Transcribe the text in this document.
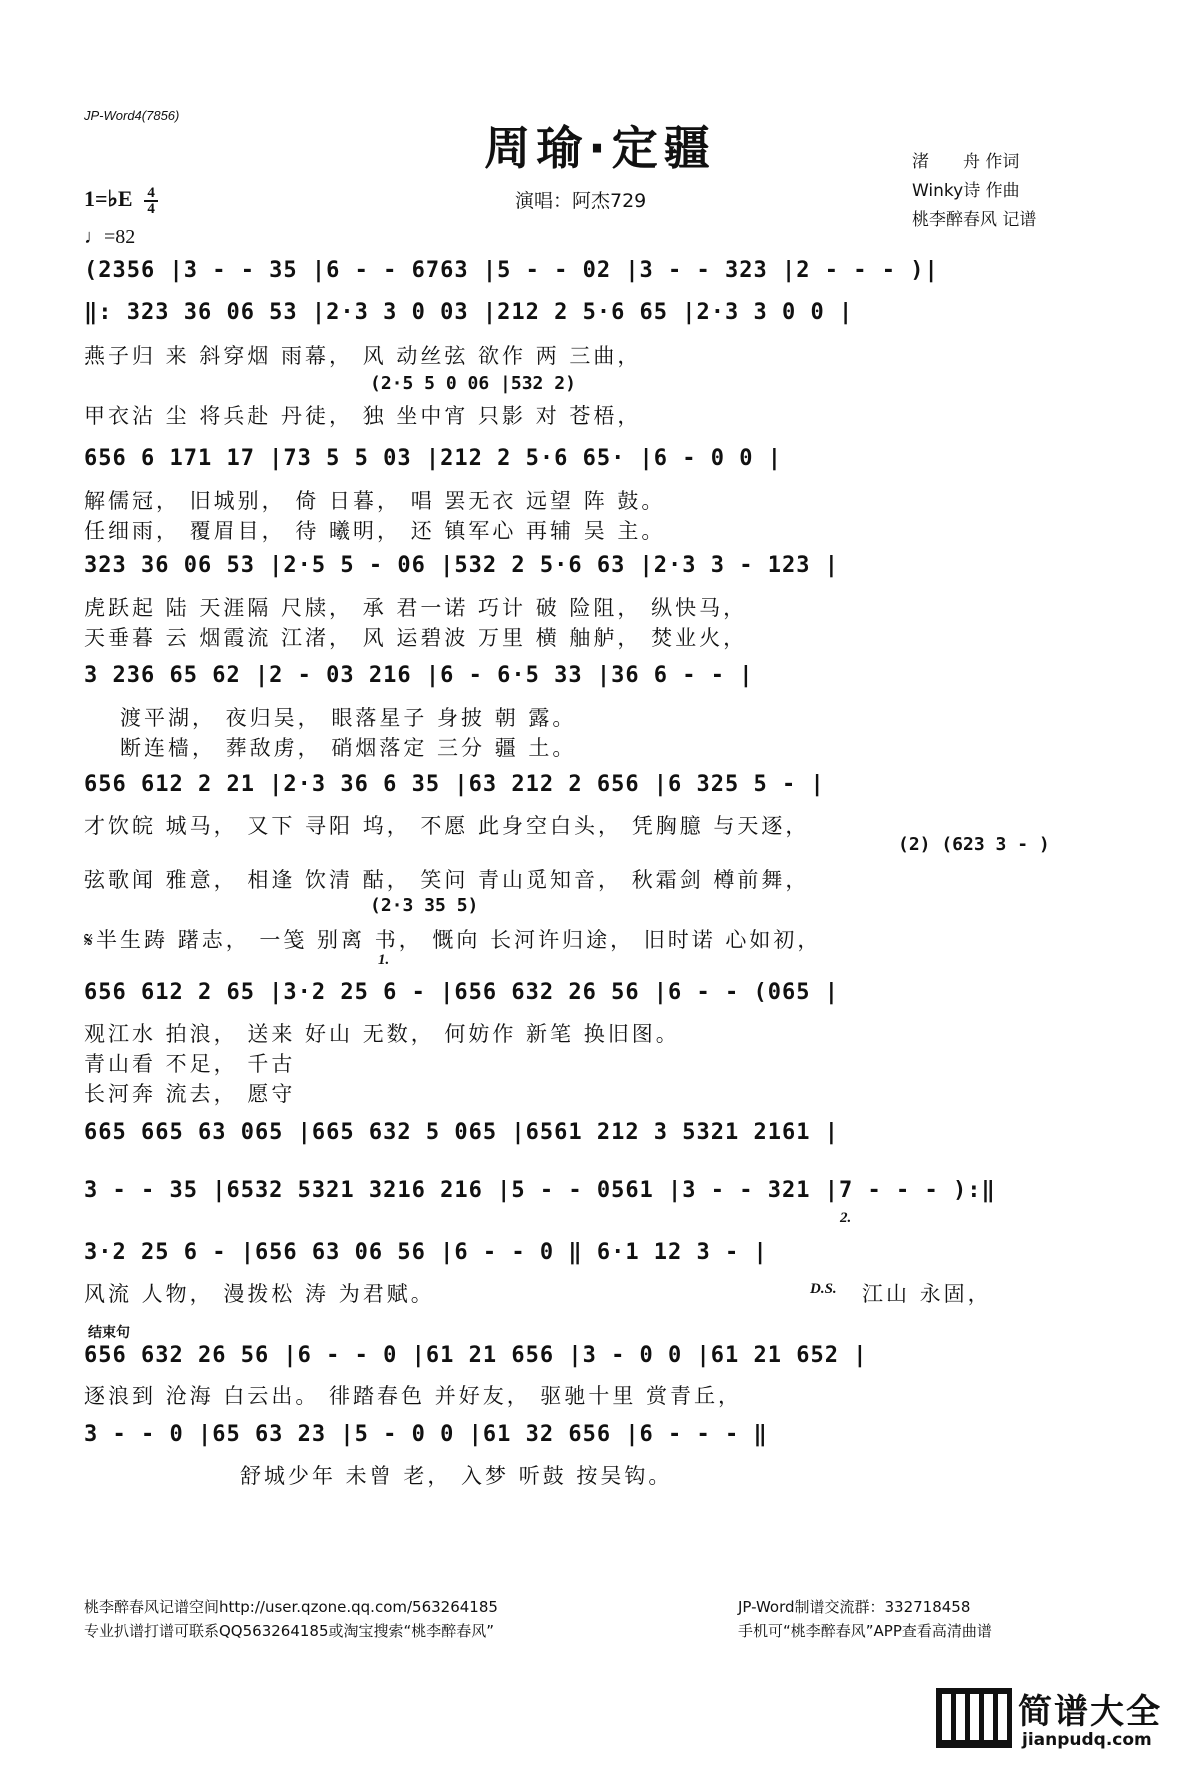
JP-Word4(7856)
周瑜·定疆
演唱：阿杰729
渚　　舟 作词
Winky诗 作曲
桃李醉春风 记谱
1=♭E $\frac{4}{4}$
♩=82
(2356 |3 - - 35 |6 - - 6763 |5 - - 02 |3 - - 323 |2 - - - )|
‖: 323 36 06 53 |2·3 3 0 03 |212 2 5·6 65 |2·3 3 0 0 |
燕子归 来 斜穿烟 雨幕， 风 动丝弦 欲作 两 三曲，
(2·5 5 0 06 |532 2)
甲衣沾 尘 将兵赴 丹徒， 独 坐中宵 只影 对 苍梧，
656 6 171 17 |73 5 5 03 |212 2 5·6 65· |6 - 0 0 |
解儒冠， 旧城别， 倚 日暮， 唱 罢无衣 远望 阵 鼓。
任细雨， 覆眉目， 待 曦明， 还 镇军心 再辅 吴 主。
323 36 06 53 |2·5 5 - 06 |532 2 5·6 63 |2·3 3 - 123 |
虎跃起 陆 天涯隔 尺牍， 承 君一诺 巧计 破 险阻， 纵快马，
天垂暮 云 烟霞流 江渚， 风 运碧波 万里 横 舳舻， 焚业火，
3 236 65 62 |2 - 03 216 |6 - 6·5 33 |36 6 - - |
渡平湖， 夜归吴， 眼落星子 身披 朝 露。
断连樯， 葬敌虏， 硝烟落定 三分 疆 土。
656 612 2 21 |2·3 36 6 35 |63 212 2 656 |6 325 5 - |
才饮皖 城马， 又下 寻阳 坞， 不愿 此身空白头， 凭胸臆 与天逐，
(2) (623 3 - )
弦歌闻 雅意， 相逢 饮清 酤， 笑问 青山觅知音， 秋霜剑 樽前舞，
(2·3 35 5)
𝄋半生踌 躇志， 一笺 别离 书， 慨向 长河许归途， 旧时诺 心如初，
1.
656 612 2 65 |3·2 25 6 - |656 632 26 56 |6 - - (065 |
观江水 拍浪， 送来 好山 无数， 何妨作 新笔 换旧图。
青山看 不足， 千古
长河奔 流去， 愿守
665 665 63 065 |665 632 5 065 |6561 212 3 5321 2161 |
3 - - 35 |6532 5321 3216 216 |5 - - 0561 |3 - - 321 |7 - - - ):‖
2.
3·2 25 6 - |656 63 06 56 |6 - - 0 ‖ 6·1 12 3 - |
风流 人物， 漫拨松 涛 为君赋。	D.S. 江山 永固，
结束句
656 632 26 56 |6 - - 0 |61 21 656 |3 - 0 0 |61 21 652 |
逐浪到 沧海 白云出。 徘踏春色 并好友， 驱驰十里 赏青丘，
3 - - 0 |65 63 23 |5 - 0 0 |61 32 656 |6 - - - ‖
舒城少年 未曾 老， 入梦 听鼓 按吴钩。
桃李醉春风记谱空间http://user.qzone.qq.com/563264185
专业扒谱打谱可联系QQ563264185或淘宝搜索“桃李醉春风”
JP-Word制谱交流群：332718458
手机可“桃李醉春风”APP查看高清曲谱
简谱大全
jianpudq.com
